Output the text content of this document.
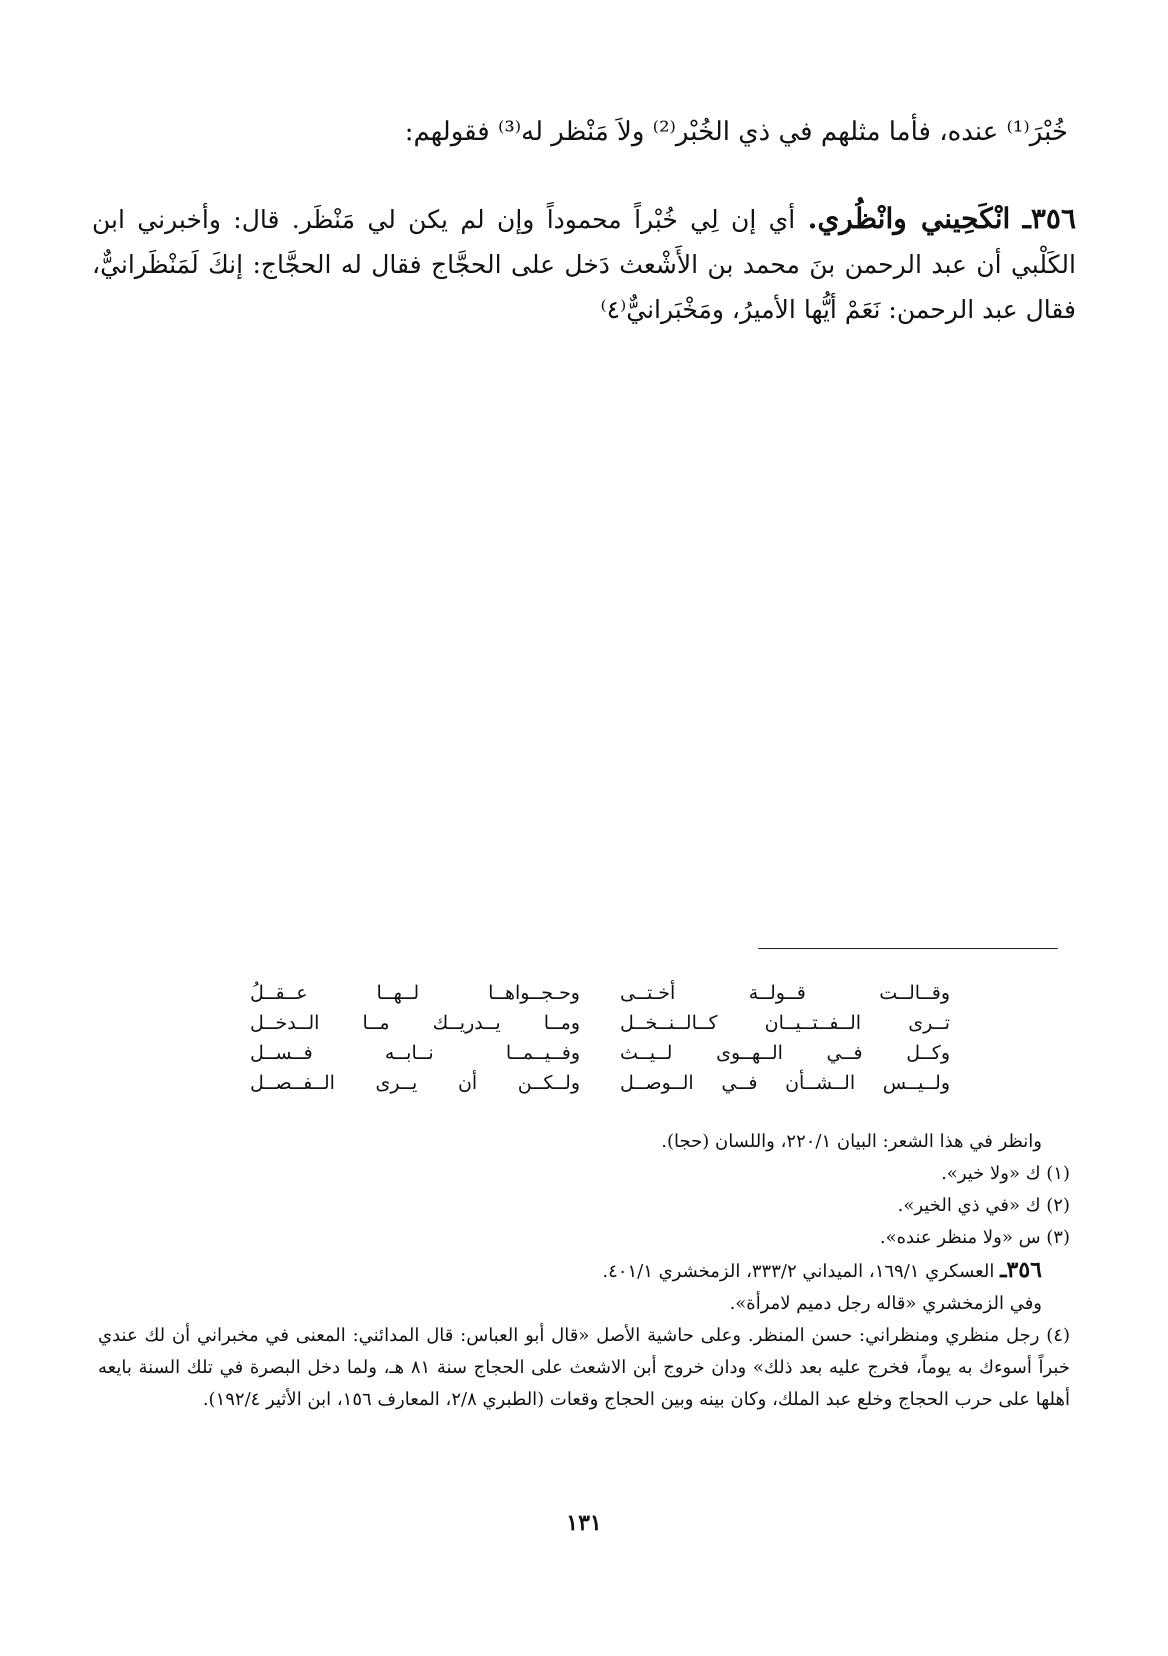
خُبْرَ⁽¹⁾ عنده، فأما مثلهم في ذي الخُبْر⁽²⁾ ولاَ مَنْظر له⁽³⁾ فقولهم:
٣٥٦ـ انْكَحِيني وانْظُري. أي إن لِي خُبْراً محموداً وإن لم يكن لي مَنْظَر. قال: وأخبرني ابن الكَلْبي أن عبد الرحمن بنَ محمد بن الأَشْعث دَخل على الحجَّاج فقال له الحجَّاج: إنكَ لَمَنْظَرانيٌّ، فقال عبد الرحمن: نَعَمْ أيُّها الأميرُ، ومَخْبَرانيٌّ⁽٤⁾
وقــالــت قــولــة أخـتــى
وحـجــواهــا لــهــا عــقــلُ
تــرى الــفــتــيــان كــالــنــخــل
ومــا يــدريــك مــا الــدخــل
وكــل فــي الــهــوى لــيــث
وفــيــمــا نــابــه فــســل
ولــيــس الــشــأن فــي الــوصــل
ولــكــن أن يــرى الــفــصــل
وانظر في هذا الشعر: البيان ٢٢٠/١، واللسان (حجا).
(١) ك «ولا خير».
(٢) ك «في ذي الخير».
(٣) س «ولا منظر عنده».
٣٥٦ـ العسكري ١٦٩/١، الميداني ٣٣٣/٢، الزمخشري ٤٠١/١.
وفي الزمخشري «قاله رجل دميم لامرأة».
(٤) رجل منظري ومنظراني: حسن المنظر. وعلى حاشية الأصل «قال أبو العباس: قال المدائني: المعنى في مخبراني أن لك عندي خبراً أسوءك به يوماً، فخرج عليه بعد ذلك» ودان خروج أبن الاشعث على الحجاج سنة ٨١ هـ، ولما دخل البصرة في تلك السنة بايعه أهلها على حرب الحجاج وخلع عبد الملك، وكان بينه وبين الحجاج وقعات (الطبري ٢/٨، المعارف ١٥٦، ابن الأثير ١٩٢/٤).
١٣١
